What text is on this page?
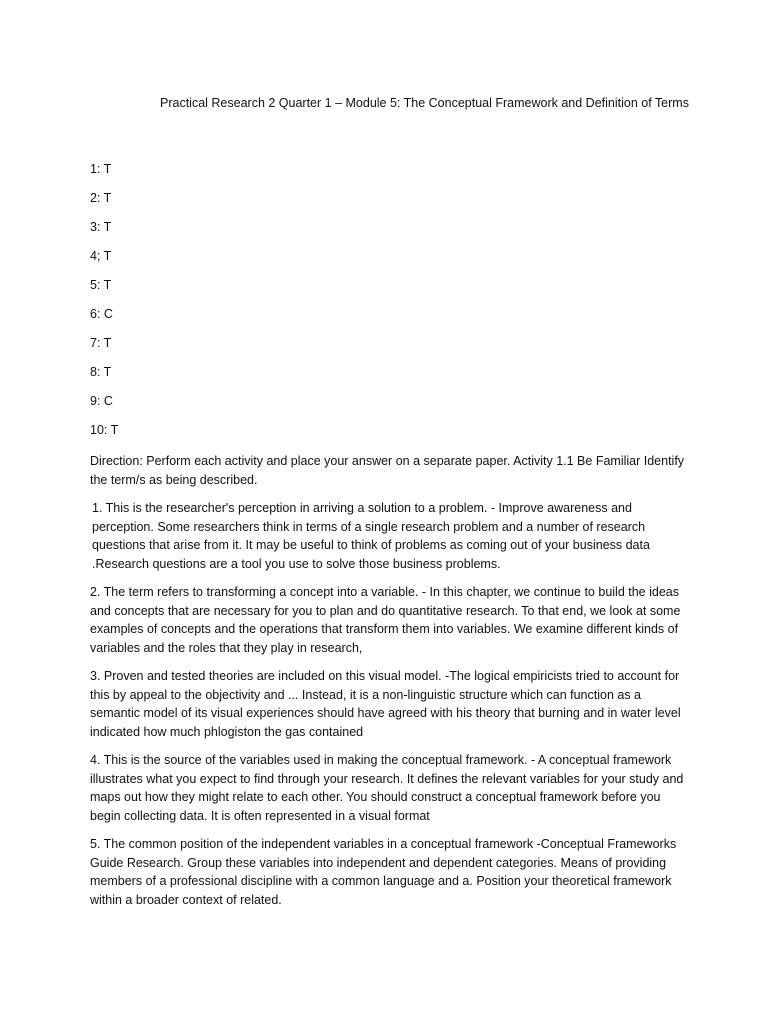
Practical Research 2 Quarter 1 – Module 5: The Conceptual Framework and Definition of Terms
1: T
2: T
3: T
4; T
5: T
6: C
7: T
8: T
9: C
10: T

Direction: Perform each activity and place your answer on a separate paper. Activity 1.1 Be Familiar Identify the term/s as being described.

1. This is the researcher's perception in arriving a solution to a problem. - Improve awareness and perception. Some researchers think in terms of a single research problem and a number of research questions that arise from it. It may be useful to think of problems as coming out of your business data .Research questions are a tool you use to solve those business problems.

2. The term refers to transforming a concept into a variable. - In this chapter, we continue to build the ideas and concepts that are necessary for you to plan and do quantitative research. To that end, we look at some examples of concepts and the operations that transform them into variables. We examine different kinds of variables and the roles that they play in research,

3. Proven and tested theories are included on this visual model. -The logical empiricists tried to account for this by appeal to the objectivity and ... Instead, it is a non-linguistic structure which can function as a semantic model of its visual experiences should have agreed with his theory that burning and in water level indicated how much phlogiston the gas contained

4. This is the source of the variables used in making the conceptual framework. - A conceptual framework illustrates what you expect to find through your research. It defines the relevant variables for your study and maps out how they might relate to each other. You should construct a conceptual framework before you begin collecting data. It is often represented in a visual format

5. The common position of the independent variables in a conceptual framework -Conceptual Frameworks Guide Research. Group these variables into independent and dependent categories. Means of providing members of a professional discipline with a common language and a. Position your theoretical framework within a broader context of related.
